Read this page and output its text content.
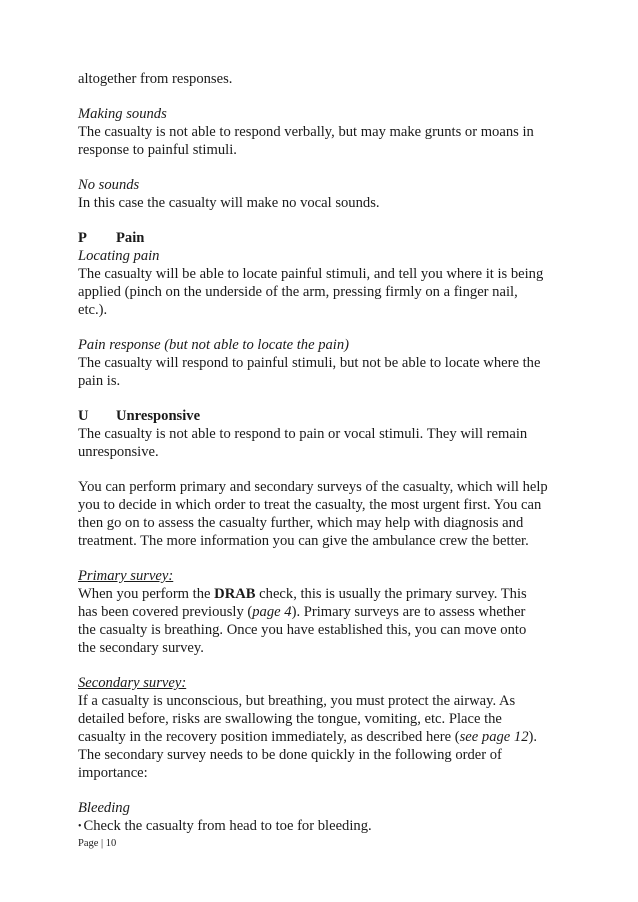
altogether from responses.

Making sounds
The casualty is not able to respond verbally, but may make grunts or moans in
response to painful stimuli.

No sounds
In this case the casualty will make no vocal sounds.

P Pain

Locating pain
The casualty will be able to locate painful stimuli, and tell you where it is being
applied (pinch on the underside of the arm, pressing firmly on a finger nail,
etc.).

Pain response (but not able to locate the pain)
The casualty will respond to painful stimuli, but not be able to locate where the
pain is.

U Unresponsive

The casualty is not able to respond to pain or vocal stimuli. They will remain
unresponsive.

You can perform primary and secondary surveys of the casualty, which will help
you to decide in which order to treat the casualty, the most urgent first. You can
then go on to assess the casualty further, which may help with diagnosis and
treatment. The more information you can give the ambulance crew the better.

Primary survey:
When you perform the DRAB check, this is usually the primary survey. This
has been covered previously (page 4). Primary surveys are to assess whether
the casualty is breathing. Once you have established this, you can move onto
the secondary survey.

Secondary survey:
If a casualty is unconscious, but breathing, you must protect the airway. As
detailed before, risks are swallowing the tongue, vomiting, etc. Place the
casualty in the recovery position immediately, as described here (see page 12).
The secondary survey needs to be done quickly in the following order of
importance:

Bleeding
• Check the casualty from head to toe for bleeding.

Page | 10
